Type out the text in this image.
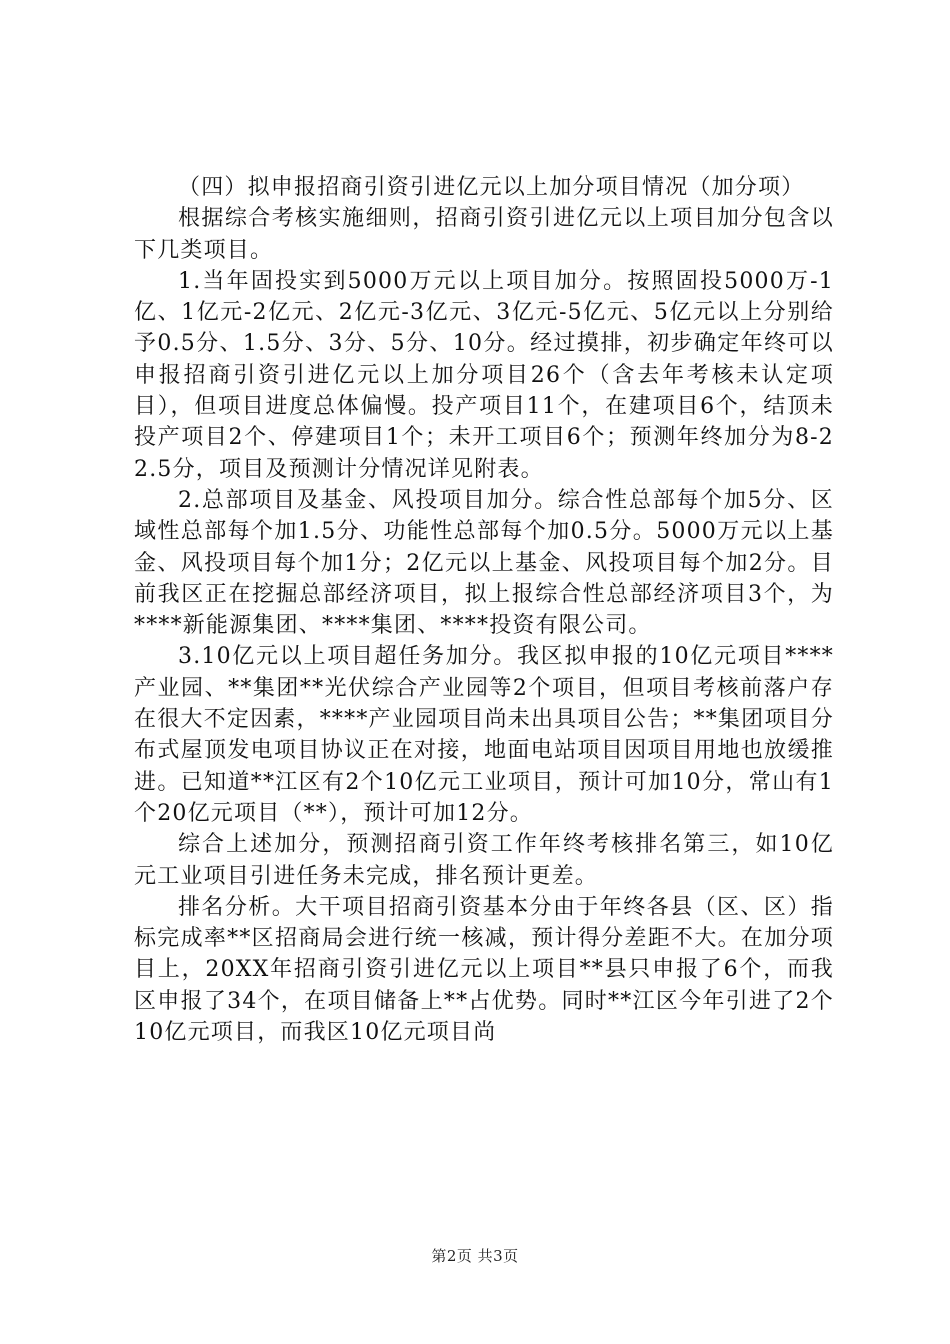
（四）拟申报招商引资引进亿元以上加分项目情况（加分项）

根据综合考核实施细则，招商引资引进亿元以上项目加分包含以下几类项目。

1.当年固投实到5000万元以上项目加分。按照固投5000万-1亿、1亿元-2亿元、2亿元-3亿元、3亿元-5亿元、5亿元以上分别给予0.5分、1.5分、3分、5分、10分。经过摸排，初步确定年终可以申报招商引资引进亿元以上加分项目26个（含去年考核未认定项目），但项目进度总体偏慢。投产项目11个，在建项目6个，结顶未投产项目2个、停建项目1个；未开工项目6个；预测年终加分为8-22.5分，项目及预测计分情况详见附表。

2.总部项目及基金、风投项目加分。综合性总部每个加5分、区域性总部每个加1.5分、功能性总部每个加0.5分。5000万元以上基金、风投项目每个加1分；2亿元以上基金、风投项目每个加2分。目前我区正在挖掘总部经济项目，拟上报综合性总部经济项目3个，为****新能源集团、****集团、****投资有限公司。

3.10亿元以上项目超任务加分。我区拟申报的10亿元项目****产业园、**集团**光伏综合产业园等2个项目，但项目考核前落户存在很大不定因素，****产业园项目尚未出具项目公告；**集团项目分布式屋顶发电项目协议正在对接，地面电站项目因项目用地也放缓推进。已知道**江区有2个10亿元工业项目，预计可加10分，常山有1个20亿元项目（**），预计可加12分。

综合上述加分，预测招商引资工作年终考核排名第三，如10亿元工业项目引进任务未完成，排名预计更差。

排名分析。大干项目招商引资基本分由于年终各县（区、区）指标完成率**区招商局会进行统一核减，预计得分差距不大。在加分项目上，20XX年招商引资引进亿元以上项目**县只申报了6个，而我区申报了34个，在项目储备上**占优势。同时**江区今年引进了2个10亿元项目，而我区10亿元项目尚

第2页 共3页
